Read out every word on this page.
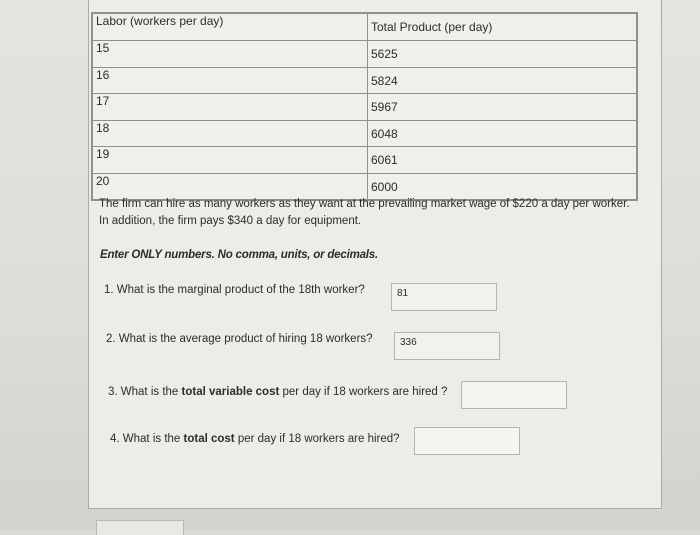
Labor (workers per day)	Total Product (per day)
15	5625
16	5824
17	5967
18	6048
19	6061
20	6000
The firm can hire as many workers as they want at the prevailing market wage of $220 a day per worker. In addition, the firm pays $340 a day for equipment.
Enter ONLY numbers. No comma, units, or decimals.
1. What is the marginal product of the 18th worker?	81
2. What is the average product of hiring 18 workers?	336
3. What is the total variable cost per day if 18 workers are hired ?
4. What is the total cost per day if 18 workers are hired?
